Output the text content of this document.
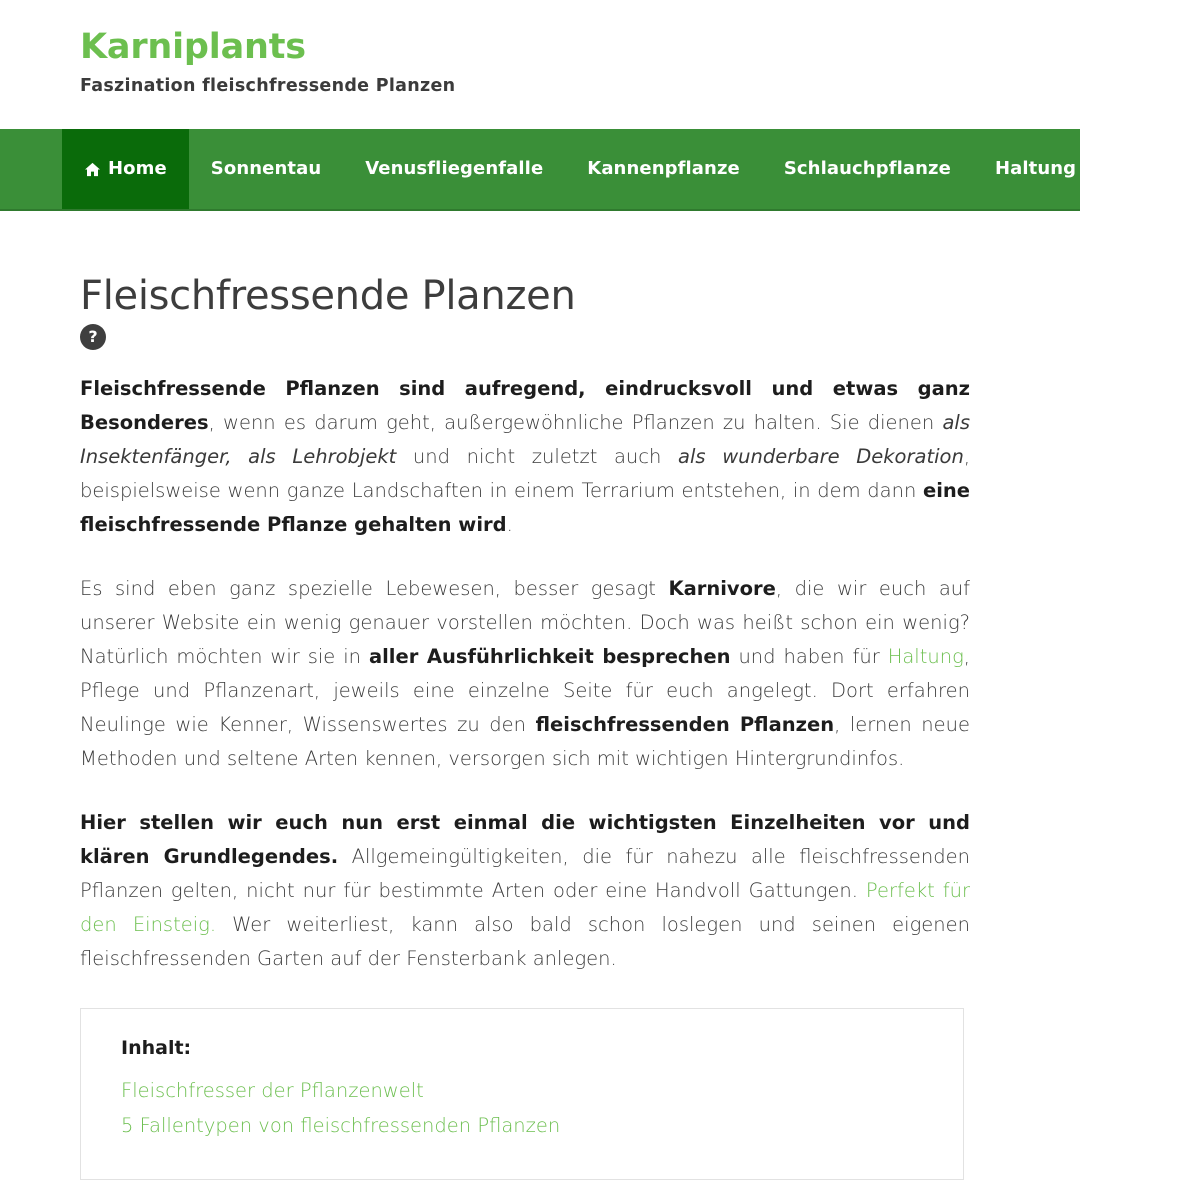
Karniplants
Faszination fleischfressende Planzen
Home Sonnentau Venusfliegenfalle Kannenpflanze Schlauchpflanze Haltung Blog
Fleischfressende Planzen
?

Fleischfressende Pflanzen sind aufregend, eindrucksvoll und etwas ganz Besonderes, wenn es darum geht, außergewöhnliche Pflanzen zu halten. Sie dienen als Insektenfänger, als Lehrobjekt und nicht zuletzt auch als wunderbare Dekoration, beispielsweise wenn ganze Landschaften in einem Terrarium entstehen, in dem dann eine fleischfressende Pflanze gehalten wird.

Es sind eben ganz spezielle Lebewesen, besser gesagt Karnivore, die wir euch auf unserer Website ein wenig genauer vorstellen möchten. Doch was heißt schon ein wenig? Natürlich möchten wir sie in aller Ausführlichkeit besprechen und haben für Haltung, Pflege und Pflanzenart, jeweils eine einzelne Seite für euch angelegt. Dort erfahren Neulinge wie Kenner, Wissenswertes zu den fleischfressenden Pflanzen, lernen neue Methoden und seltene Arten kennen, versorgen sich mit wichtigen Hintergrundinfos.

Hier stellen wir euch nun erst einmal die wichtigsten Einzelheiten vor und klären Grundlegendes. Allgemeingültigkeiten, die für nahezu alle fleischfressenden Pflanzen gelten, nicht nur für bestimmte Arten oder eine Handvoll Gattungen. Perfekt für den Einsteig. Wer weiterliest, kann also bald schon loslegen und seinen eigenen fleischfressenden Garten auf der Fensterbank anlegen.

Inhalt:
Fleischfresser der Pflanzenwelt
5 Fallentypen von fleischfressenden Pflanzen
